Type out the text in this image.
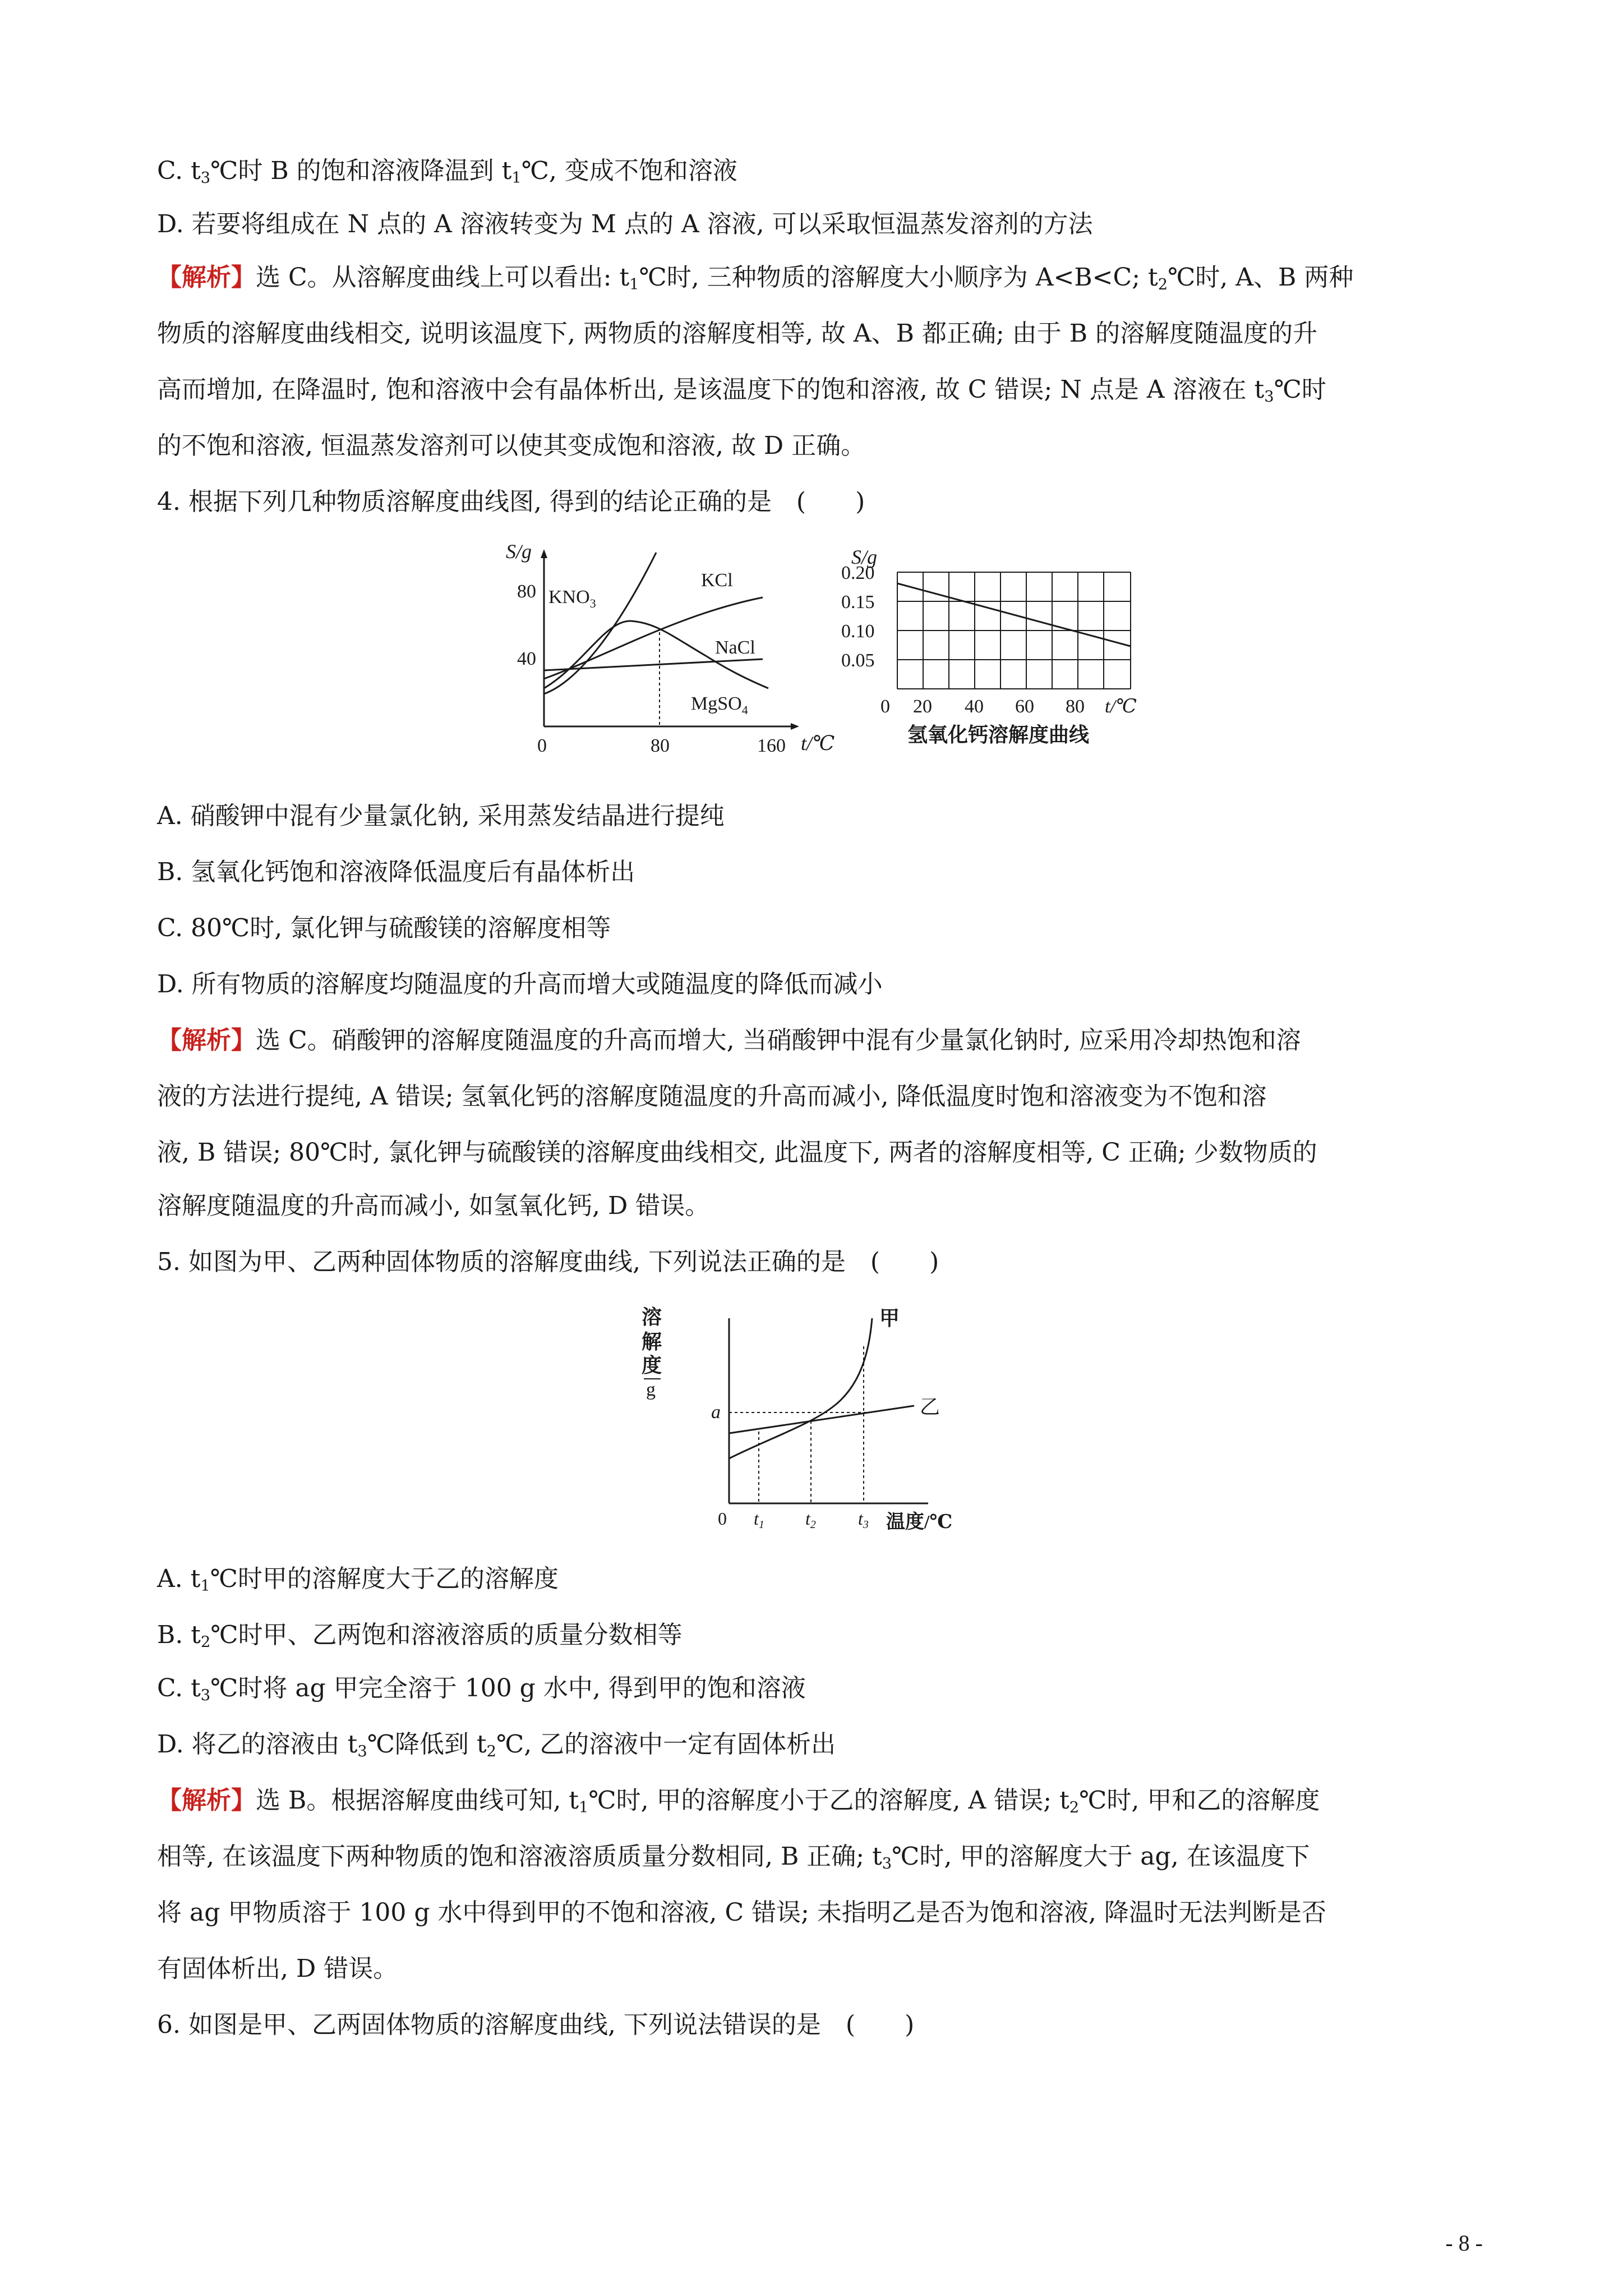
C. $t_3℃$时 B 的饱和溶液降温到 $t_1℃$, 变成不饱和溶液
D. 若要将组成在 N 点的 A 溶液转变为 M 点的 A 溶液, 可以采取恒温蒸发溶剂的方法
【解析】选 C。从溶解度曲线上可以看出: $t_1℃$时, 三种物质的溶解度大小顺序为 A<B<C; $t_2℃$时, A、B 两种
物质的溶解度曲线相交, 说明该温度下, 两物质的溶解度相等, 故 A、B 都正确; 由于 B 的溶解度随温度的升
高而增加, 在降温时, 饱和溶液中会有晶体析出, 是该温度下的饱和溶液, 故 C 错误; N 点是 A 溶液在 $t_3℃$时
的不饱和溶液, 恒温蒸发溶剂可以使其变成饱和溶液, 故 D 正确。
4. 根据下列几种物质溶解度曲线图, 得到的结论正确的是　(　　)
S/g
t/℃
0	80	160
40
80 $KNO_3$
KCl
NaCl
MgSO$_4$
S/g
0.20
0.15
0.10
0.05
0 20 40 60 80 t/℃
氢氧化钙溶解度曲线
A. 硝酸钾中混有少量氯化钠, 采用蒸发结晶进行提纯
B. 氢氧化钙饱和溶液降低温度后有晶体析出
C. 80℃时, 氯化钾与硫酸镁的溶解度相等
D. 所有物质的溶解度均随温度的升高而增大或随温度的降低而减小
【解析】选 C。硝酸钾的溶解度随温度的升高而增大, 当硝酸钾中混有少量氯化钠时, 应采用冷却热饱和溶
液的方法进行提纯, A 错误; 氢氧化钙的溶解度随温度的升高而减小, 降低温度时饱和溶液变为不饱和溶
液, B 错误; 80℃时, 氯化钾与硫酸镁的溶解度曲线相交, 此温度下, 两者的溶解度相等, C 正确; 少数物质的
溶解度随温度的升高而减小, 如氢氧化钙, D 错误。
5. 如图为甲、乙两种固体物质的溶解度曲线, 下列说法正确的是　(　　)
溶
解
度
g
甲
乙
a
0 t1 t2 t3 温度/℃
A. $t_1℃$时甲的溶解度大于乙的溶解度
B. $t_2℃$时甲、乙两饱和溶液溶质的质量分数相等
C. $t_3℃$时将 ag 甲完全溶于 100 g 水中, 得到甲的饱和溶液
D. 将乙的溶液由 $t_3℃$降低到 $t_2℃$, 乙的溶液中一定有固体析出
【解析】选 B。根据溶解度曲线可知, $t_1℃$时, 甲的溶解度小于乙的溶解度, A 错误; $t_2℃$时, 甲和乙的溶解度
相等, 在该温度下两种物质的饱和溶液溶质质量分数相同, B 正确; $t_3℃$时, 甲的溶解度大于 ag, 在该温度下
将 ag 甲物质溶于 100 g 水中得到甲的不饱和溶液, C 错误; 未指明乙是否为饱和溶液, 降温时无法判断是否
有固体析出, D 错误。
6. 如图是甲、乙两固体物质的溶解度曲线, 下列说法错误的是　(　　)
- 8 -
